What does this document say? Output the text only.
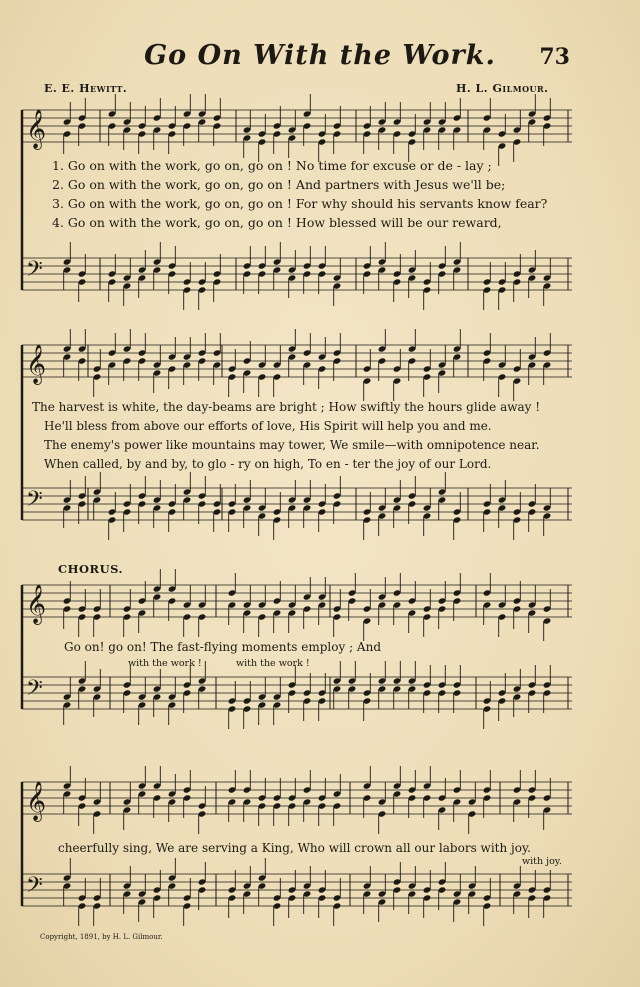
Go On With the Work.	73
E. E. Hewitt.	H. L. Gilmour.
𝄞
𝄢
𝄞
𝄢
𝄞
𝄢
𝄞
𝄢
1. Go on with the work, go on, go on ! No time for excuse or de - lay ;
2. Go on with the work, go on, go on ! And partners with Jesus we'll be;
3. Go on with the work, go on, go on ! For why should his servants know fear?
4. Go on with the work, go on, go on ! How blessed will be our reward,
The harvest is white, the day-beams are bright ; How swiftly the hours glide away !
He'll bless from above our efforts of love, His Spirit will help you and me.
The enemy's power like mountains may tower, We smile—with omnipotence near.
When called, by and by, to glo - ry on high, To en - ter the joy of our Lord.
CHORUS.
Go on! go on! The fast-flying moments employ ; And
with the work !	with the work !
cheerfully sing, We are serving a King, Who will crown all our labors with joy.
with joy.
Copyright, 1891, by H. L. Gilmour.
